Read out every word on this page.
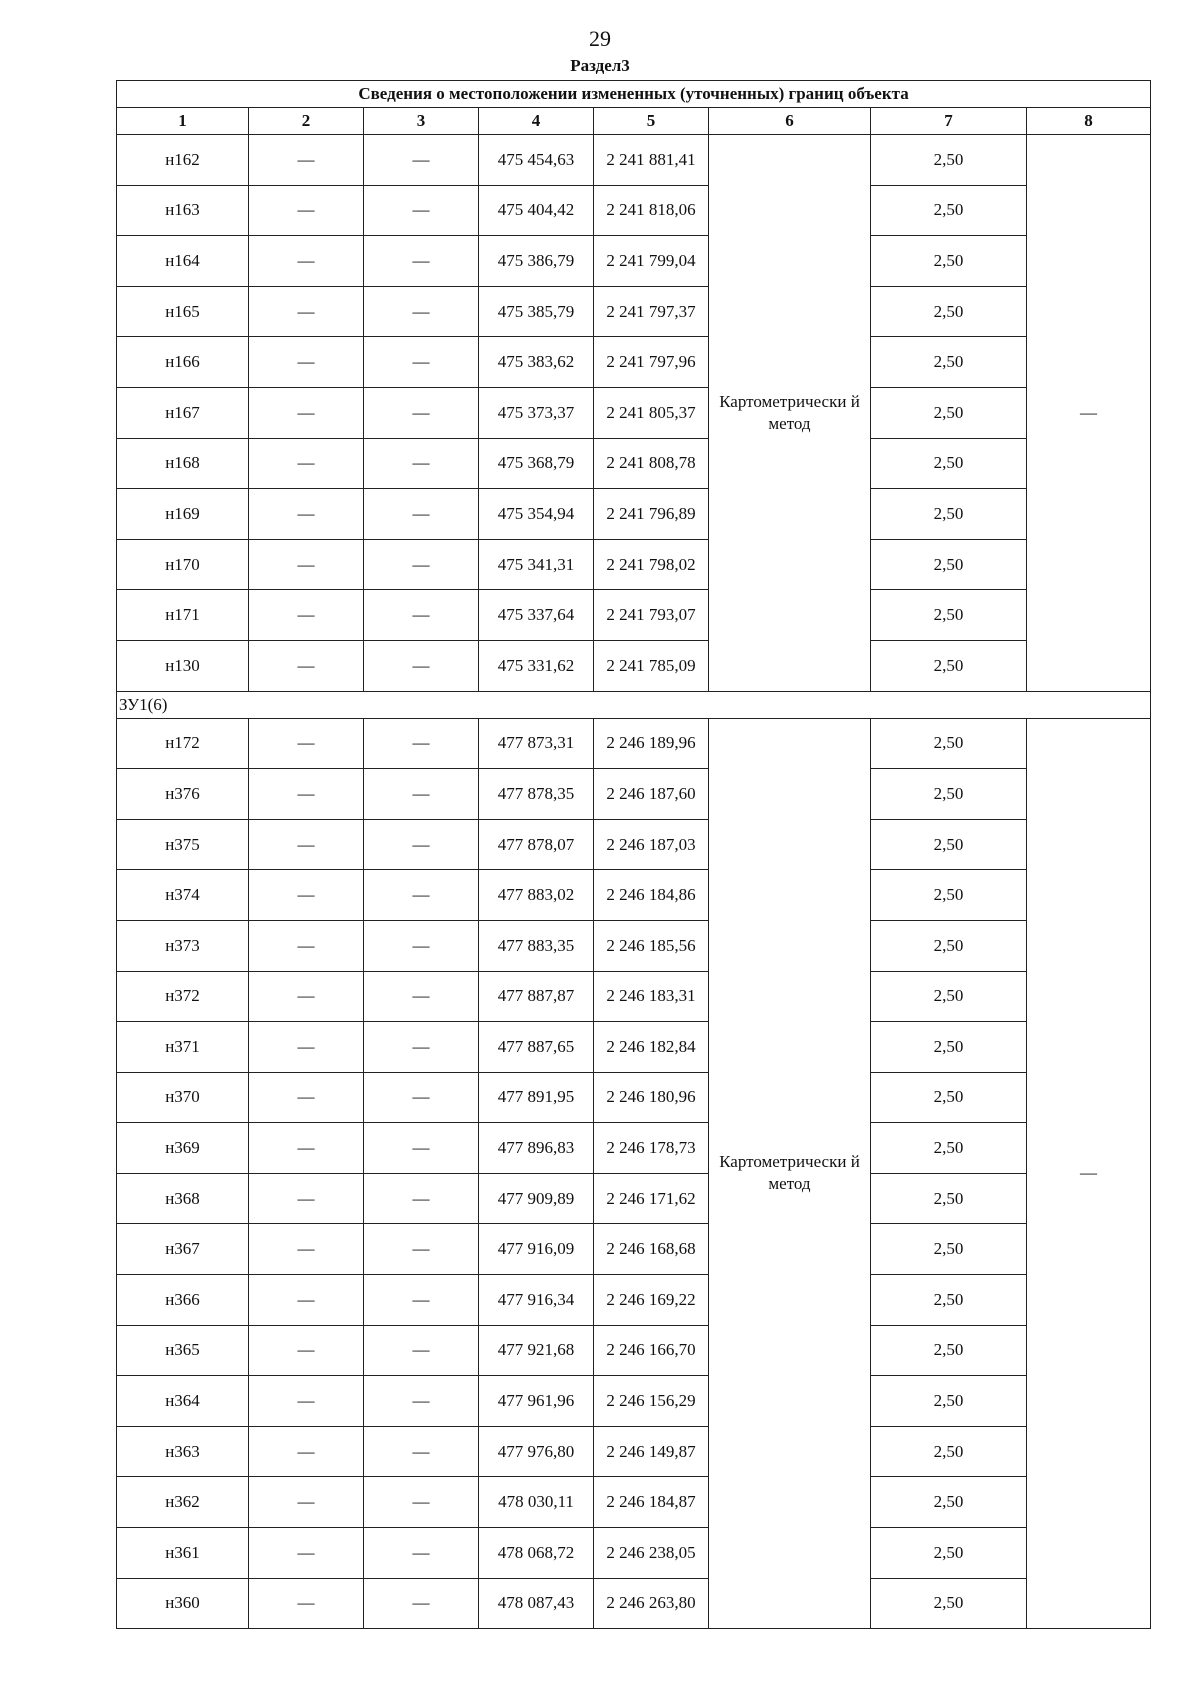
29
Раздел3
Сведения о местоположении измененных (уточненных) границ объекта							
1	2	3	4	5	6	7	8
н162	—	—	475 454,63	2 241 881,41	Картометрически й метод	2,50	—
н163	—	—	475 404,42	2 241 818,06		2,50	
н164	—	—	475 386,79	2 241 799,04		2,50	
н165	—	—	475 385,79	2 241 797,37		2,50	
н166	—	—	475 383,62	2 241 797,96		2,50	
н167	—	—	475 373,37	2 241 805,37		2,50	
н168	—	—	475 368,79	2 241 808,78		2,50	
н169	—	—	475 354,94	2 241 796,89		2,50	
н170	—	—	475 341,31	2 241 798,02		2,50	
н171	—	—	475 337,64	2 241 793,07		2,50	
н130	—	—	475 331,62	2 241 785,09		2,50	
ЗУ1(6)							
н172	—	—	477 873,31	2 246 189,96	Картометрически й метод	2,50	—
н376	—	—	477 878,35	2 246 187,60		2,50	
н375	—	—	477 878,07	2 246 187,03		2,50	
н374	—	—	477 883,02	2 246 184,86		2,50	
н373	—	—	477 883,35	2 246 185,56		2,50	
н372	—	—	477 887,87	2 246 183,31		2,50	
н371	—	—	477 887,65	2 246 182,84		2,50	
н370	—	—	477 891,95	2 246 180,96		2,50	
н369	—	—	477 896,83	2 246 178,73		2,50	
н368	—	—	477 909,89	2 246 171,62		2,50	
н367	—	—	477 916,09	2 246 168,68		2,50	
н366	—	—	477 916,34	2 246 169,22		2,50	
н365	—	—	477 921,68	2 246 166,70		2,50	
н364	—	—	477 961,96	2 246 156,29		2,50	
н363	—	—	477 976,80	2 246 149,87		2,50	
н362	—	—	478 030,11	2 246 184,87		2,50	
н361	—	—	478 068,72	2 246 238,05		2,50	
н360	—	—	478 087,43	2 246 263,80		2,50	
